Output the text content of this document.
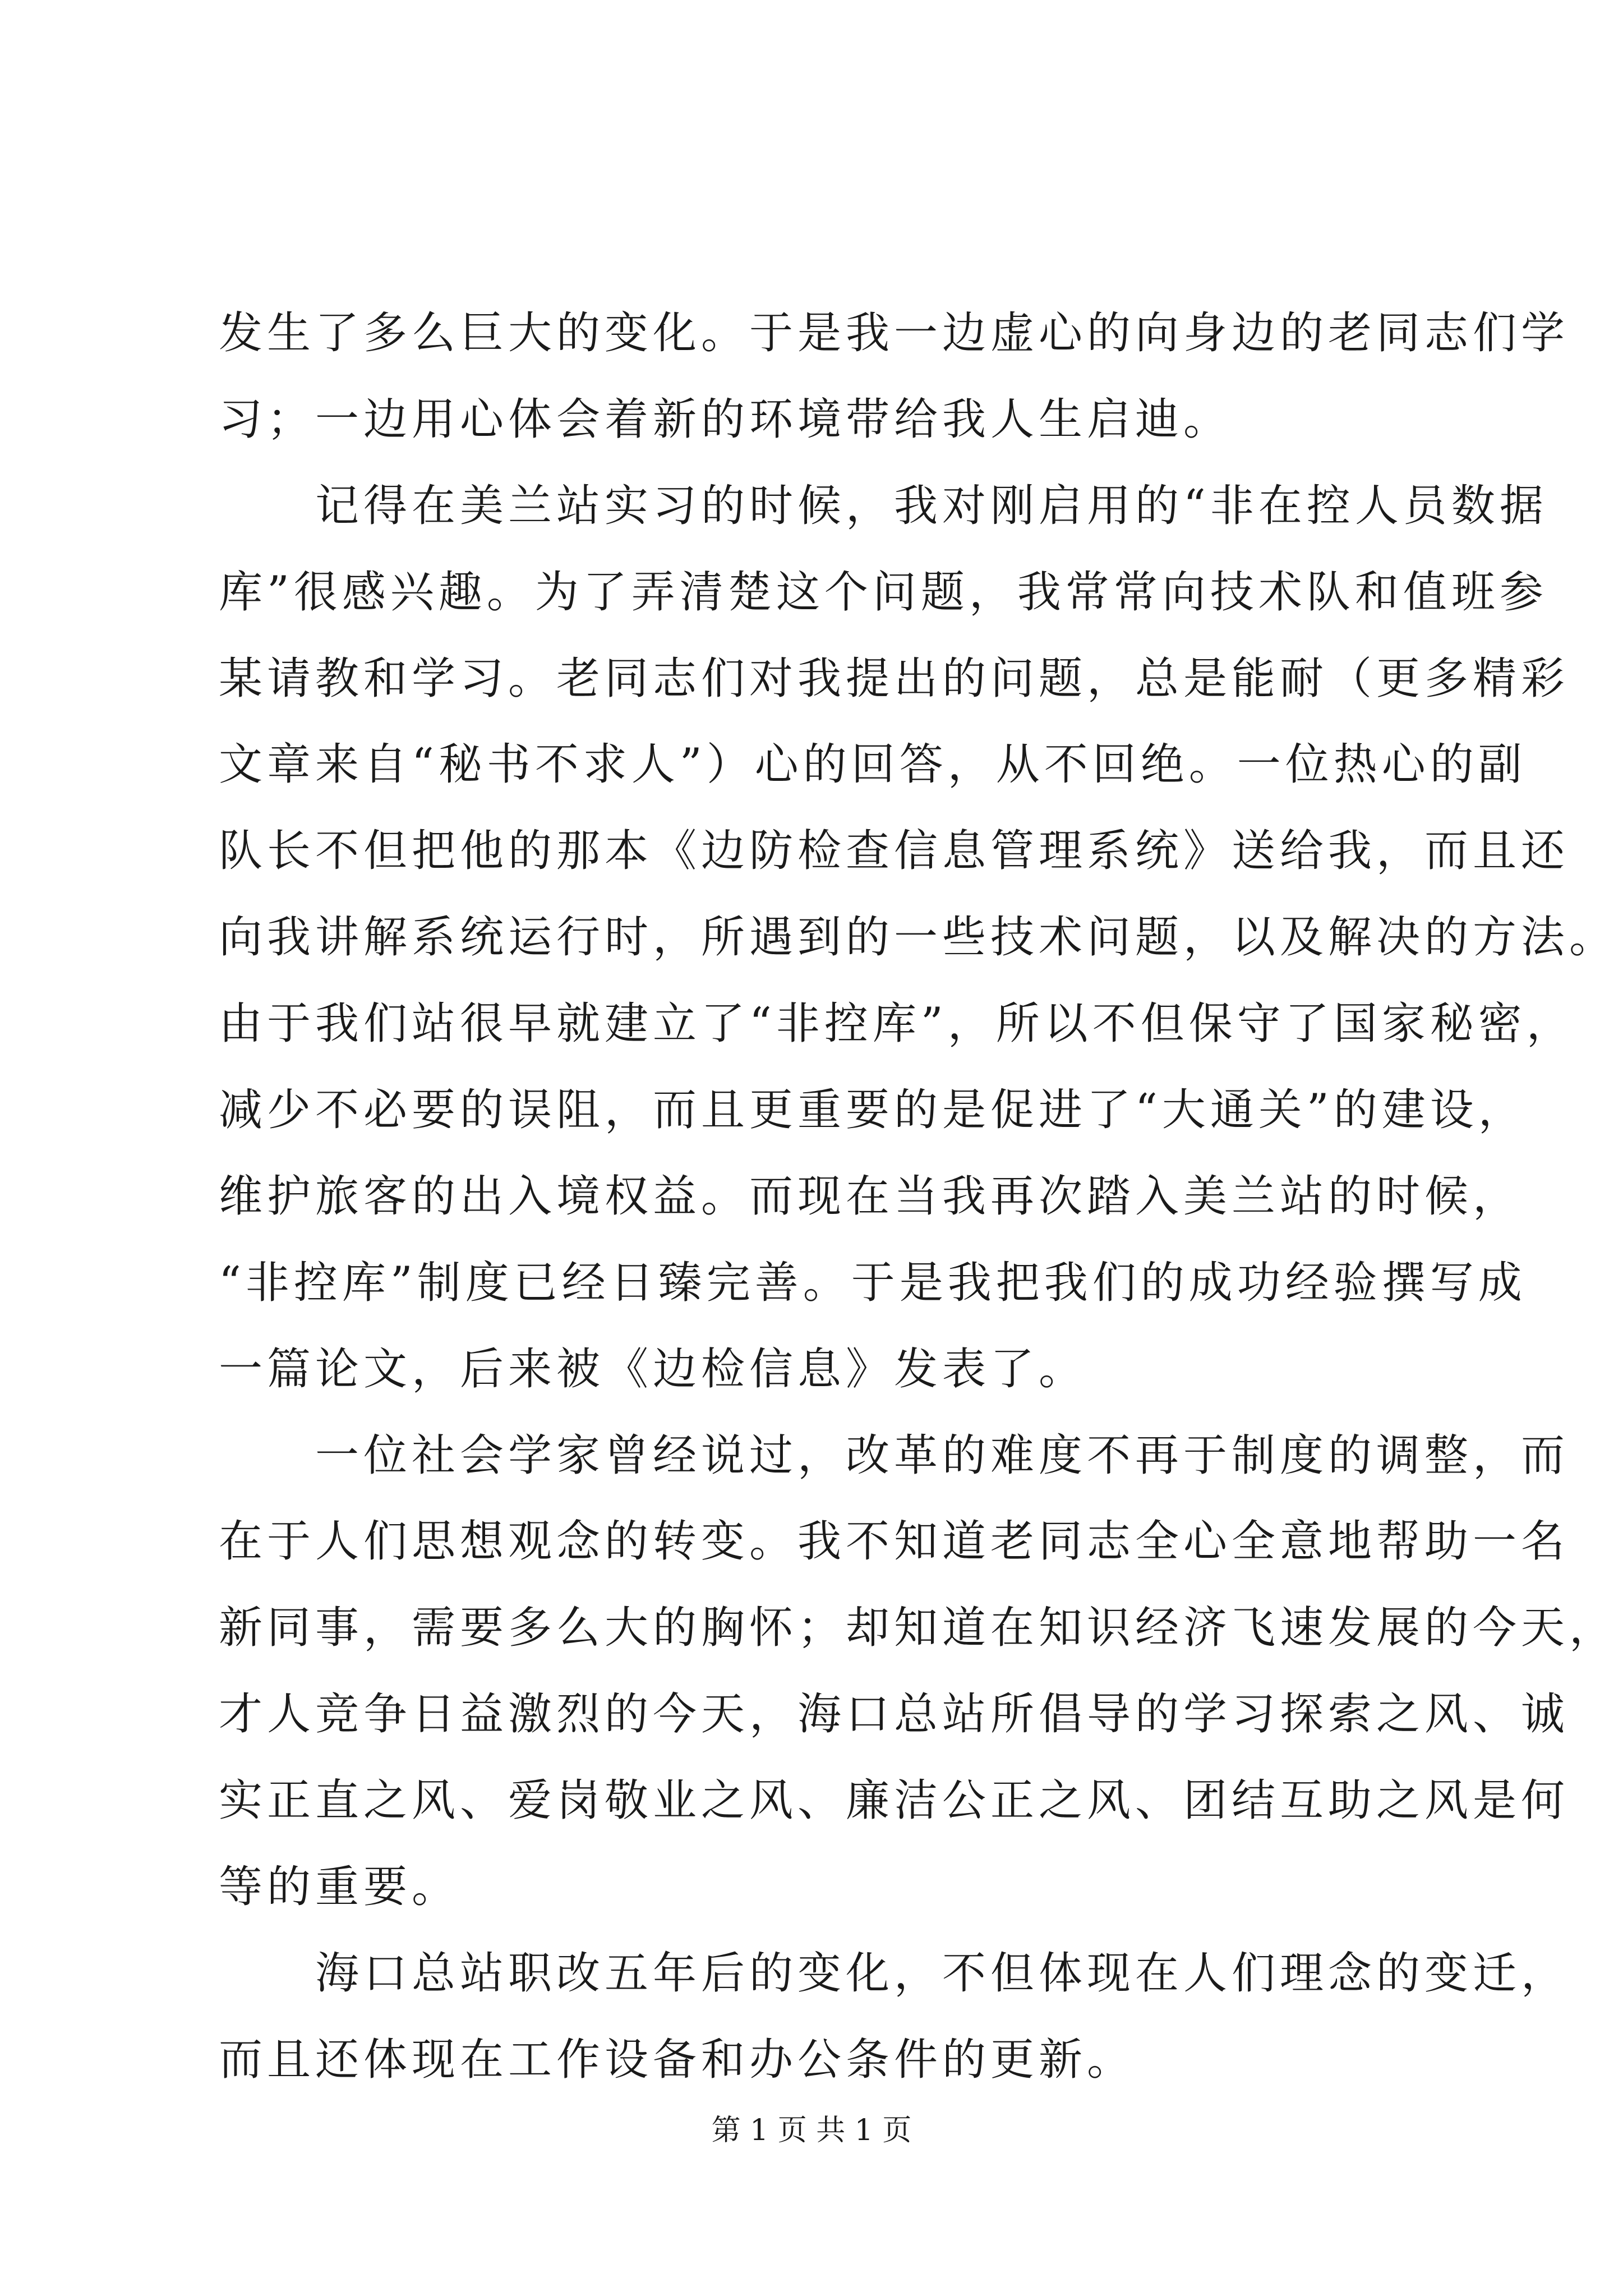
发生了多么巨大的变化。于是我一边虚心的向身边的老同志们学
习；一边用心体会着新的环境带给我人生启迪。
　　记得在美兰站实习的时候，我对刚启用的“非在控人员数据
库”很感兴趣。为了弄清楚这个问题，我常常向技术队和值班参
某请教和学习。老同志们对我提出的问题，总是能耐（更多精彩
文章来自“秘书不求人”）心的回答，从不回绝。一位热心的副
队长不但把他的那本《边防检查信息管理系统》送给我，而且还
向我讲解系统运行时，所遇到的一些技术问题，以及解决的方法。
由于我们站很早就建立了“非控库”，所以不但保守了国家秘密，
减少不必要的误阻，而且更重要的是促进了“大通关”的建设，
维护旅客的出入境权益。而现在当我再次踏入美兰站的时候，
“非控库”制度已经日臻完善。于是我把我们的成功经验撰写成
一篇论文，后来被《边检信息》发表了。
　　一位社会学家曾经说过，改革的难度不再于制度的调整，而
在于人们思想观念的转变。我不知道老同志全心全意地帮助一名
新同事，需要多么大的胸怀；却知道在知识经济飞速发展的今天，
才人竞争日益激烈的今天，海口总站所倡导的学习探索之风、诚
实正直之风、爱岗敬业之风、廉洁公正之风、团结互助之风是何
等的重要。
　　海口总站职改五年后的变化，不但体现在人们理念的变迁，
而且还体现在工作设备和办公条件的更新。
第 1 页 共 1 页
